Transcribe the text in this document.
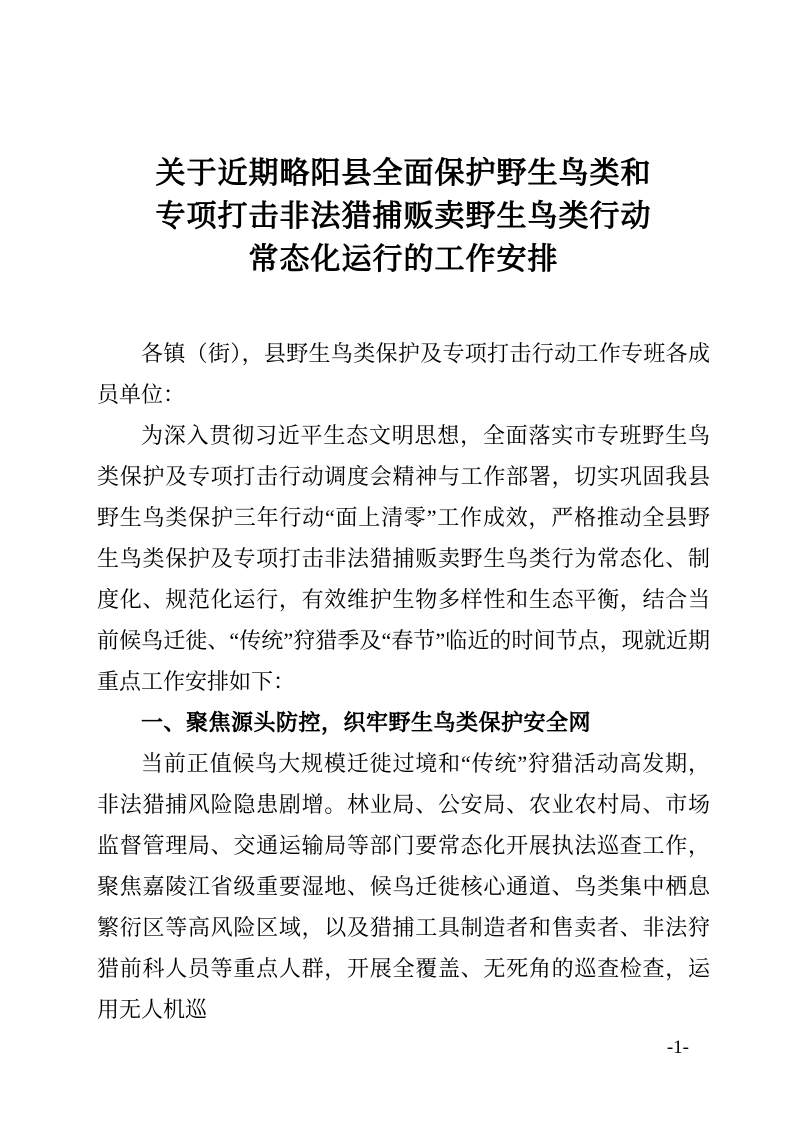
关于近期略阳县全面保护野生鸟类和
专项打击非法猎捕贩卖野生鸟类行动
常态化运行的工作安排

各镇（街），县野生鸟类保护及专项打击行动工作专班各成员单位：

为深入贯彻习近平生态文明思想，全面落实市专班野生鸟类保护及专项打击行动调度会精神与工作部署，切实巩固我县野生鸟类保护三年行动“面上清零”工作成效，严格推动全县野生鸟类保护及专项打击非法猎捕贩卖野生鸟类行为常态化、制度化、规范化运行，有效维护生物多样性和生态平衡，结合当前候鸟迁徙、“传统”狩猎季及“春节”临近的时间节点，现就近期重点工作安排如下：

一、聚焦源头防控，织牢野生鸟类保护安全网

当前正值候鸟大规模迁徙过境和“传统”狩猎活动高发期，非法猎捕风险隐患剧增。林业局、公安局、农业农村局、市场监督管理局、交通运输局等部门要常态化开展执法巡查工作，聚焦嘉陵江省级重要湿地、候鸟迁徙核心通道、鸟类集中栖息繁衍区等高风险区域，以及猎捕工具制造者和售卖者、非法狩猎前科人员等重点人群，开展全覆盖、无死角的巡查检查，运用无人机巡

-1-
